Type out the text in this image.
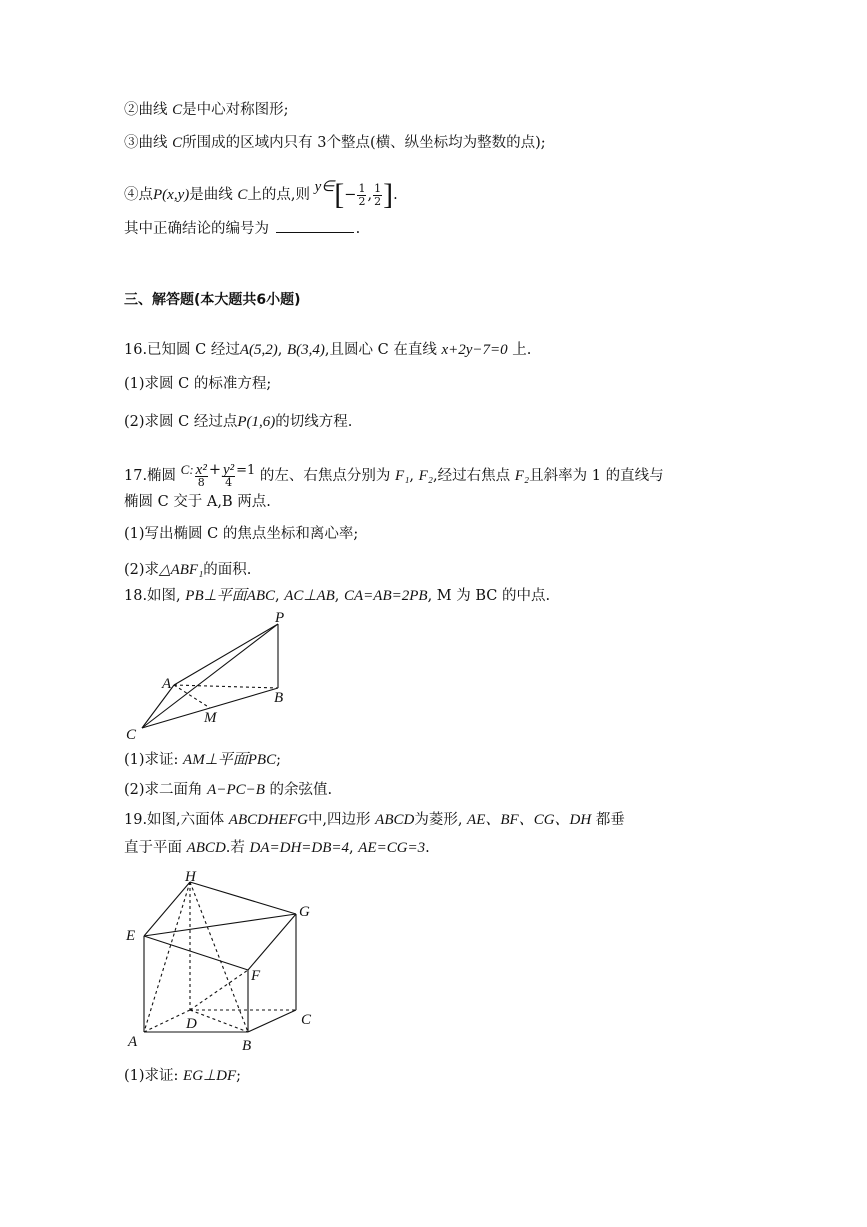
②曲线 C是中心对称图形;
③曲线 C所围成的区域内只有 3个整点(横、纵坐标均为整数的点);
④点P(x,y)是曲线 C上的点,则 y∈[− $\frac{1}{2}$ , $\frac{1}{2}$ ].
其中正确结论的编号为	.
三、解答题(本大题共6小题)
16.已知圆 C 经过A(5,2), B(3,4),且圆心 C 在直线 x+2y−7=0 上.
(1)求圆 C 的标准方程;
(2)求圆 C 经过点P(1,6)的切线方程.
17.椭圆 C: $\frac{\text{x²}}{8} + \frac{\text{y²}}{4} =1$ 的左、右焦点分别为 F₁, F₂,经过右焦点 F₂且斜率为 1 的直线与
椭圆 C 交于 A,B 两点.
(1)写出椭圆 C 的焦点坐标和离心率;
(2)求△ABF₁的面积.
18.如图, PB⊥平面ABC, AC⊥AB, CA=AB=2PB, M 为 BC 的中点.
P
A
B
C
M
(1)求证: AM⊥平面PBC;
(2)求二面角 A−PC−B 的余弦值.
19.如图,六面体 ABCDHEFG中,四边形 ABCD为菱形, AE、BF、CG、DH 都垂
直于平面 ABCD.若 DA=DH=DB=4, AE=CG=3.
H
G
E
F
D	C
A	B
(1)求证: EG⊥DF;
